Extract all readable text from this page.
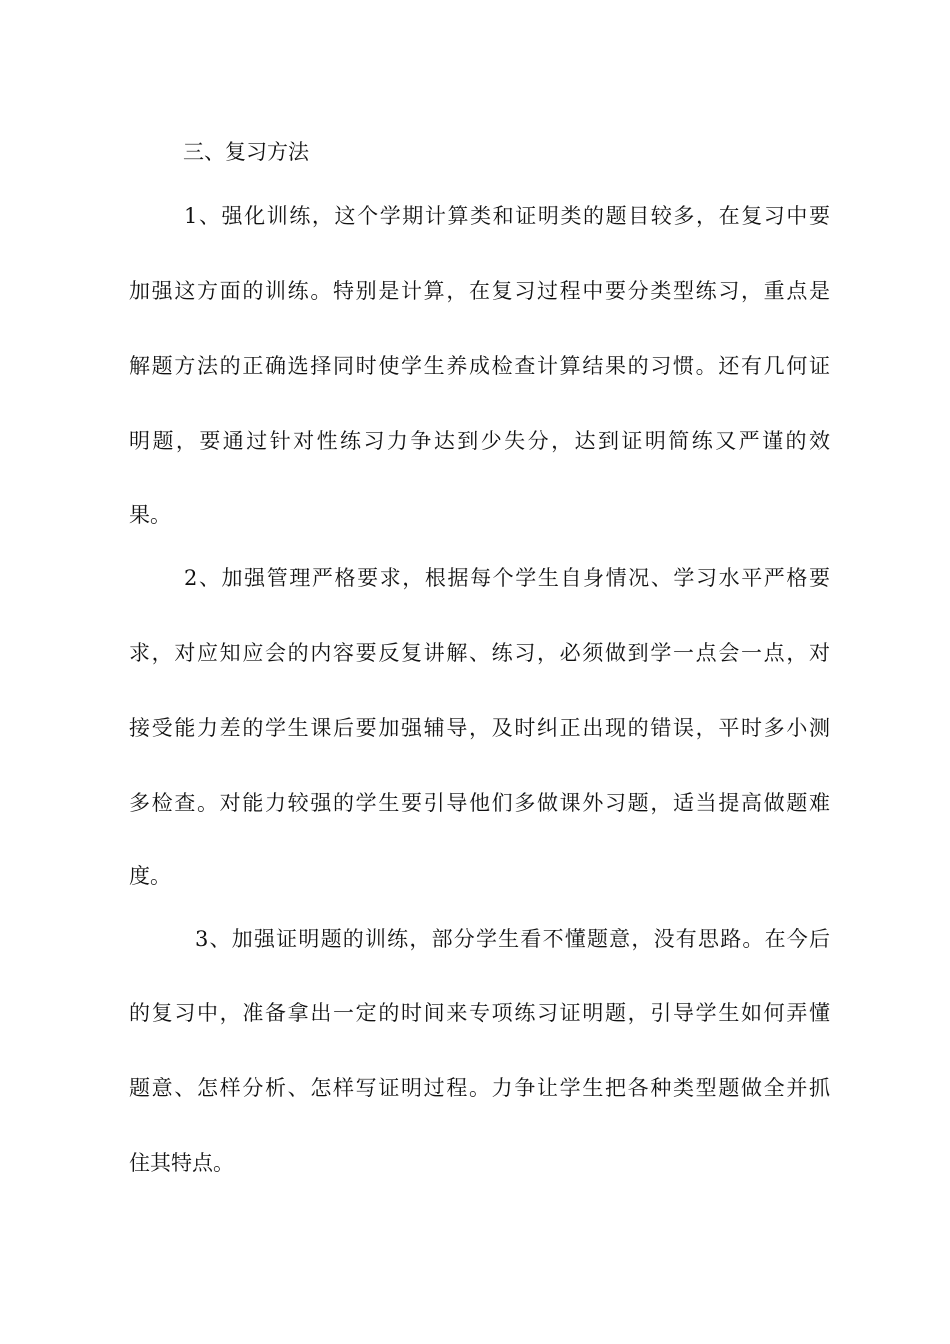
三、复习方法
1、强化训练，这个学期计算类和证明类的题目较多，在复习中要
加强这方面的训练。特别是计算，在复习过程中要分类型练习，重点是
解题方法的正确选择同时使学生养成检查计算结果的习惯。还有几何证
明题，要通过针对性练习力争达到少失分，达到证明简练又严谨的效
果。
2、加强管理严格要求，根据每个学生自身情况、学习水平严格要
求，对应知应会的内容要反复讲解、练习，必须做到学一点会一点，对
接受能力差的学生课后要加强辅导，及时纠正出现的错误，平时多小测
多检查。对能力较强的学生要引导他们多做课外习题，适当提高做题难
度。
3、加强证明题的训练，部分学生看不懂题意，没有思路。在今后
的复习中，准备拿出一定的时间来专项练习证明题，引导学生如何弄懂
题意、怎样分析、怎样写证明过程。力争让学生把各种类型题做全并抓
住其特点。
